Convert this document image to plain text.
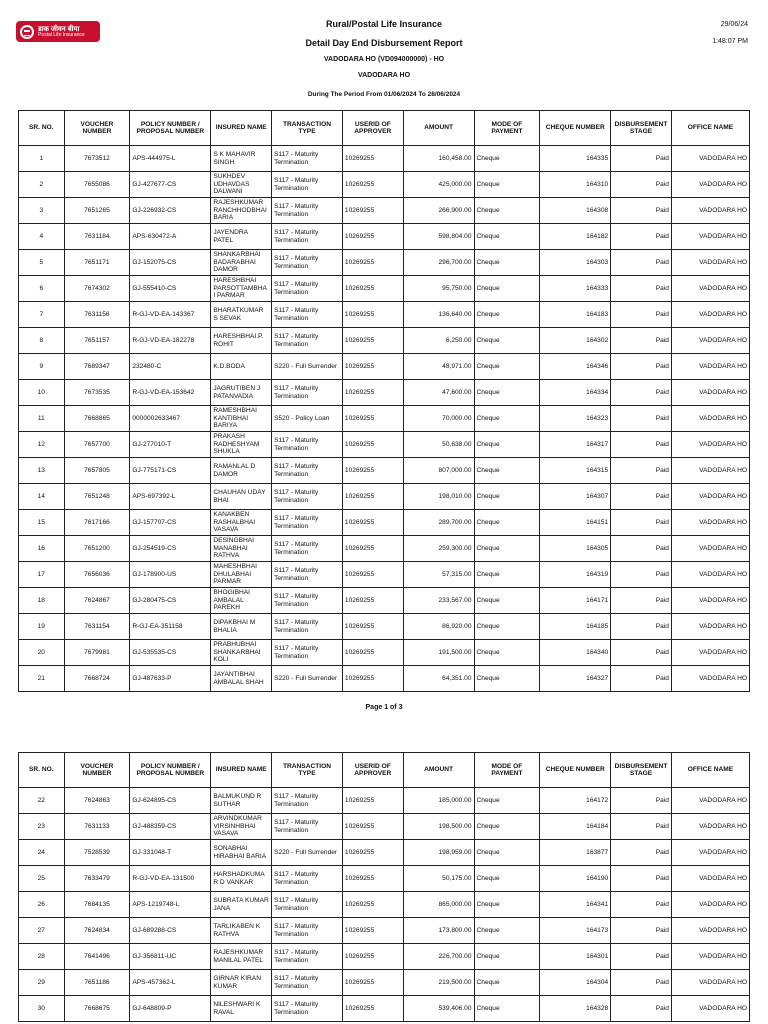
डाक जीवन बीमा
Postal Life Insurance
Rural/Postal Life Insurance
Detail Day End Disbursement Report
VADODARA HO (VD094000000) - HO
VADODARA HO
During The Period From 01/06/2024 To 28/06/2024
29/06/24
1:48:07 PM
SR. NO.	VOUCHER NUMBER	POLICY NUMBER / PROPOSAL NUMBER	INSURED NAME	TRANSACTION TYPE	USERID OF APPROVER	AMOUNT	MODE OF PAYMENT	CHEQUE NUMBER	DISBURSEMENT STAGE	OFFICE NAME
1	7673512	APS-444975-L	S K MAHAVIR SINGH	S117 - Maturity Termination	10269255	160,458.00	Cheque	164335	Paid	VADODARA HO
2	7655086	GJ-427677-CS	SUKHDEV UDHAVDAS DALWANI	S117 - Maturity Termination	10269255	425,000.00	Cheque	164310	Paid	VADODARA HO
3	7651265	GJ-226932-CS	RAJESHKUMAR RANCHHODBHAI BARIA	S117 - Maturity Termination	10269255	266,900.00	Cheque	164308	Paid	VADODARA HO
4	7631184	APS-630472-A	JAYENDRA PATEL	S117 - Maturity Termination	10269255	598,804.00	Cheque	164182	Paid	VADODARA HO
5	7651171	GJ-152075-CS	SHANKARBHAI BADARABHAI DAMOR	S117 - Maturity Termination	10269255	296,700.00	Cheque	164303	Paid	VADODARA HO
6	7674302	GJ-555410-CS	HARESHBHAI PARSOTTAMBHA I PARMAR	S117 - Maturity Termination	10269255	95,750.00	Cheque	164333	Paid	VADODARA HO
7	7631156	R-GJ-VD-EA-143367	BHARATKUMAR S SEVAK	S117 - Maturity Termination	10269255	136,640.00	Cheque	164183	Paid	VADODARA HO
8	7651157	R-GJ-VD-EA-182278	HARESHBHAI.P. ROHIT	S117 - Maturity Termination	10269255	6,250.00	Cheque	164302	Paid	VADODARA HO
9	7689347	232480-C	K.D.BODA	S220 - Full Surrender	10269255	48,971.00	Cheque	164346	Paid	VADODARA HO
10	7673535	R-GJ-VD-EA-153642	JAGRUTIBEN J PATANVADIA	S117 - Maturity Termination	10269255	47,600.00	Cheque	164334	Paid	VADODARA HO
11	7668865	0000002633467	RAMESHBHAI KANTIBHAI BARIYA	S520 - Policy Loan	10269255	70,000.00	Cheque	164323	Paid	VADODARA HO
12	7657700	GJ-277010-T	PRAKASH RADHESHYAM SHUKLA	S117 - Maturity Termination	10269255	50,638.00	Cheque	164317	Paid	VADODARA HO
13	7657805	GJ-775171-CS	RAMANLAL D DAMOR	S117 - Maturity Termination	10269255	807,000.00	Cheque	164315	Paid	VADODARA HO
14	7651248	APS-697392-L	CHAUHAN UDAY BHAI	S117 - Maturity Termination	10269255	198,010.00	Cheque	164307	Paid	VADODARA HO
15	7617166	GJ-157707-CS	KANAKBEN RASHALBHAI VASAVA	S117 - Maturity Termination	10269255	289,700.00	Cheque	164151	Paid	VADODARA HO
16	7651200	GJ-254519-CS	DESINGBHAI MANABHAI RATHVA	S117 - Maturity Termination	10269255	259,300.00	Cheque	164305	Paid	VADODARA HO
17	7656036	GJ-178900-US	MAHESHBHAI DHULABHAI PARMAR	S117 - Maturity Termination	10269255	57,315.00	Cheque	164319	Paid	VADODARA HO
18	7624867	GJ-280475-CS	BHOGIBHAI AMBALAL PAREKH	S117 - Maturity Termination	10269255	233,567.00	Cheque	164171	Paid	VADODARA HO
19	7631154	R-GJ-EA-351158	DIPAKBHAI M BHALIA	S117 - Maturity Termination	10269255	86,920.00	Cheque	164185	Paid	VADODARA HO
20	7679981	GJ-535535-CS	PRABHUBHAI SHANKARBHAI KOLI	S117 - Maturity Termination	10269255	191,500.00	Cheque	164340	Paid	VADODARA HO
21	7668724	GJ-487633-P	JAYANTIBHAI AMBALAL SHAH	S220 - Full Surrender	10269255	64,351.00	Cheque	164327	Paid	VADODARA HO
Page 1 of 3
SR. NO.	VOUCHER NUMBER	POLICY NUMBER / PROPOSAL NUMBER	INSURED NAME	TRANSACTION TYPE	USERID OF APPROVER	AMOUNT	MODE OF PAYMENT	CHEQUE NUMBER	DISBURSEMENT STAGE	OFFICE NAME
22	7624863	GJ-624895-CS	BALMUKUND R SUTHAR	S117 - Maturity Termination	10269255	185,000.00	Cheque	164172	Paid	VADODARA HO
23	7631133	GJ-488359-CS	ARVINDKUMAR VIRSINHBHAI VASAVA	S117 - Maturity Termination	10269255	198,500.00	Cheque	164184	Paid	VADODARA HO
24	7528539	GJ-331048-T	SONABHAI HIRABHAI BARIA	S220 - Full Surrender	10269255	198,959.00	Cheque	163877	Paid	VADODARA HO
25	7633479	R-GJ-VD-EA-131500	HARSHADKUMA R D VANKAR	S117 - Maturity Termination	10269255	50,175.00	Cheque	164190	Paid	VADODARA HO
26	7684135	APS-1219748-L	SUBRATA KUMAR JANA	S117 - Maturity Termination	10269255	865,000.00	Cheque	164341	Paid	VADODARA HO
27	7624834	GJ-689288-CS	TARLIKABEN K RATHVA	S117 - Maturity Termination	10269255	173,800.00	Cheque	164173	Paid	VADODARA HO
28	7641496	GJ-356811-UC	RAJESHKUMAR MANILAL PATEL	S117 - Maturity Termination	10269255	226,700.00	Cheque	164301	Paid	VADODARA HO
29	7651186	APS-457362-L	GIRNAR KIRAN KUMAR	S117 - Maturity Termination	10269255	219,500.00	Cheque	164304	Paid	VADODARA HO
30	7668675	GJ-648809-P	NILESHWARI K RAVAL	S117 - Maturity Termination	10269255	539,406.00	Cheque	164328	Paid	VADODARA HO
